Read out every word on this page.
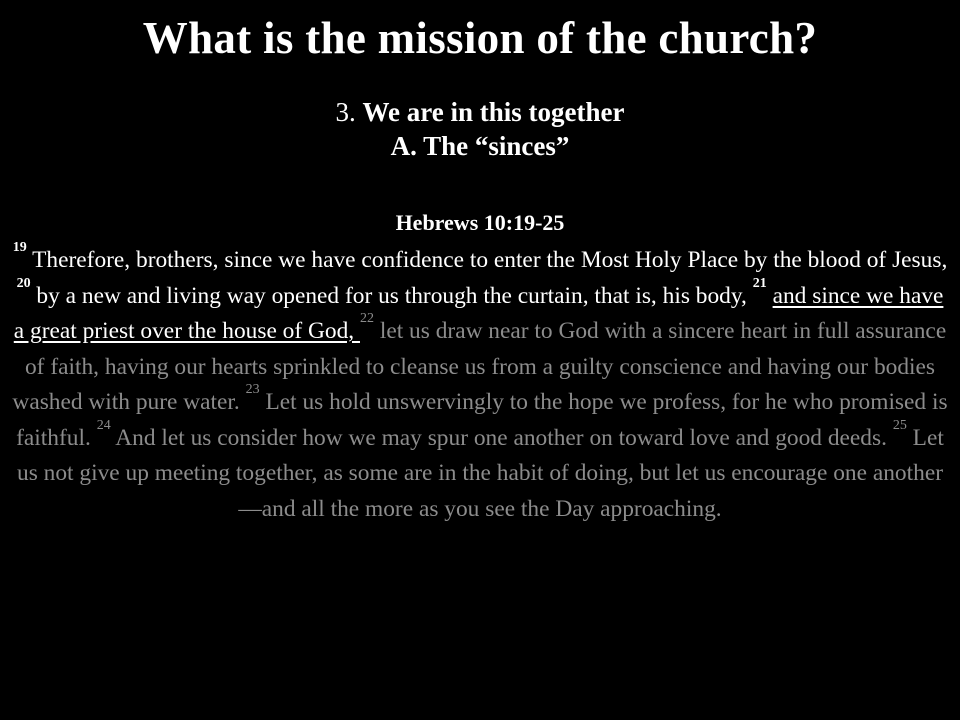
What is the mission of the church?
3. We are in this together
A. The “sinces”
Hebrews 10:19-25
$^{19}$ Therefore, brothers, since we have confidence to enter the Most Holy Place by the blood of Jesus, $^{20}$ by a new and living way opened for us through the curtain, that is, his body, $^{21}$ and since we have a great priest over the house of God, $^{22}$ let us draw near to God with a sincere heart in full assurance of faith, having our hearts sprinkled to cleanse us from a guilty conscience and having our bodies washed with pure water. $^{23}$ Let us hold unswervingly to the hope we profess, for he who promised is faithful. $^{24}$ And let us consider how we may spur one another on toward love and good deeds. $^{25}$ Let us not give up meeting together, as some are in the habit of doing, but let us encourage one another—and all the more as you see the Day approaching.
